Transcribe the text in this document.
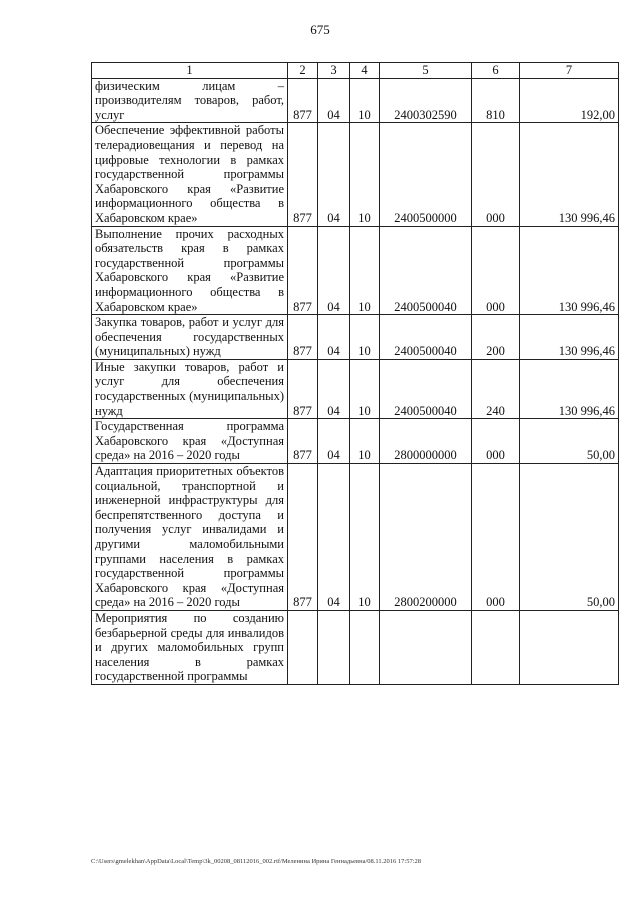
675
1	2	3	4	5	6	7
физическим лицам – производителям товаров, работ, услуг	877	04	10	2400302590	810	192,00
Обеспечение эффективной работы телерадиовещания и перевод на цифровые технологии в рамках государственной программы Хабаровского края «Развитие информационного общества в Хабаровском крае»	877	04	10	2400500000	000	130 996,46
Выполнение прочих расходных обязательств края в рамках государственной программы Хабаровского края «Развитие информационного общества в Хабаровском крае»	877	04	10	2400500040	000	130 996,46
Закупка товаров, работ и услуг для обеспечения государственных (муниципальных) нужд	877	04	10	2400500040	200	130 996,46
Иные закупки товаров, работ и услуг для обеспечения государственных (муниципальных) нужд	877	04	10	2400500040	240	130 996,46
Государственная программа Хабаровского края «Доступная среда» на 2016 – 2020 годы	877	04	10	2800000000	000	50,00
Адаптация приоритетных объектов социальной, транспортной и инженерной инфраструктуры для беспрепятственного доступа и получения услуг инвалидами и другими маломобильными группами населения в рамках государственной программы Хабаровского края «Доступная среда» на 2016 – 2020 годы	877	04	10	2800200000	000	50,00
Мероприятия по созданию безбарьерной среды для инвалидов и других маломобильных групп населения в рамках государственной программы						
C:\Users\gmelekhan\AppData\Local\Temp\3k_00208_08112016_002.rtf/Меленина Ирина Геннадьевна/08.11.2016 17:57:28
